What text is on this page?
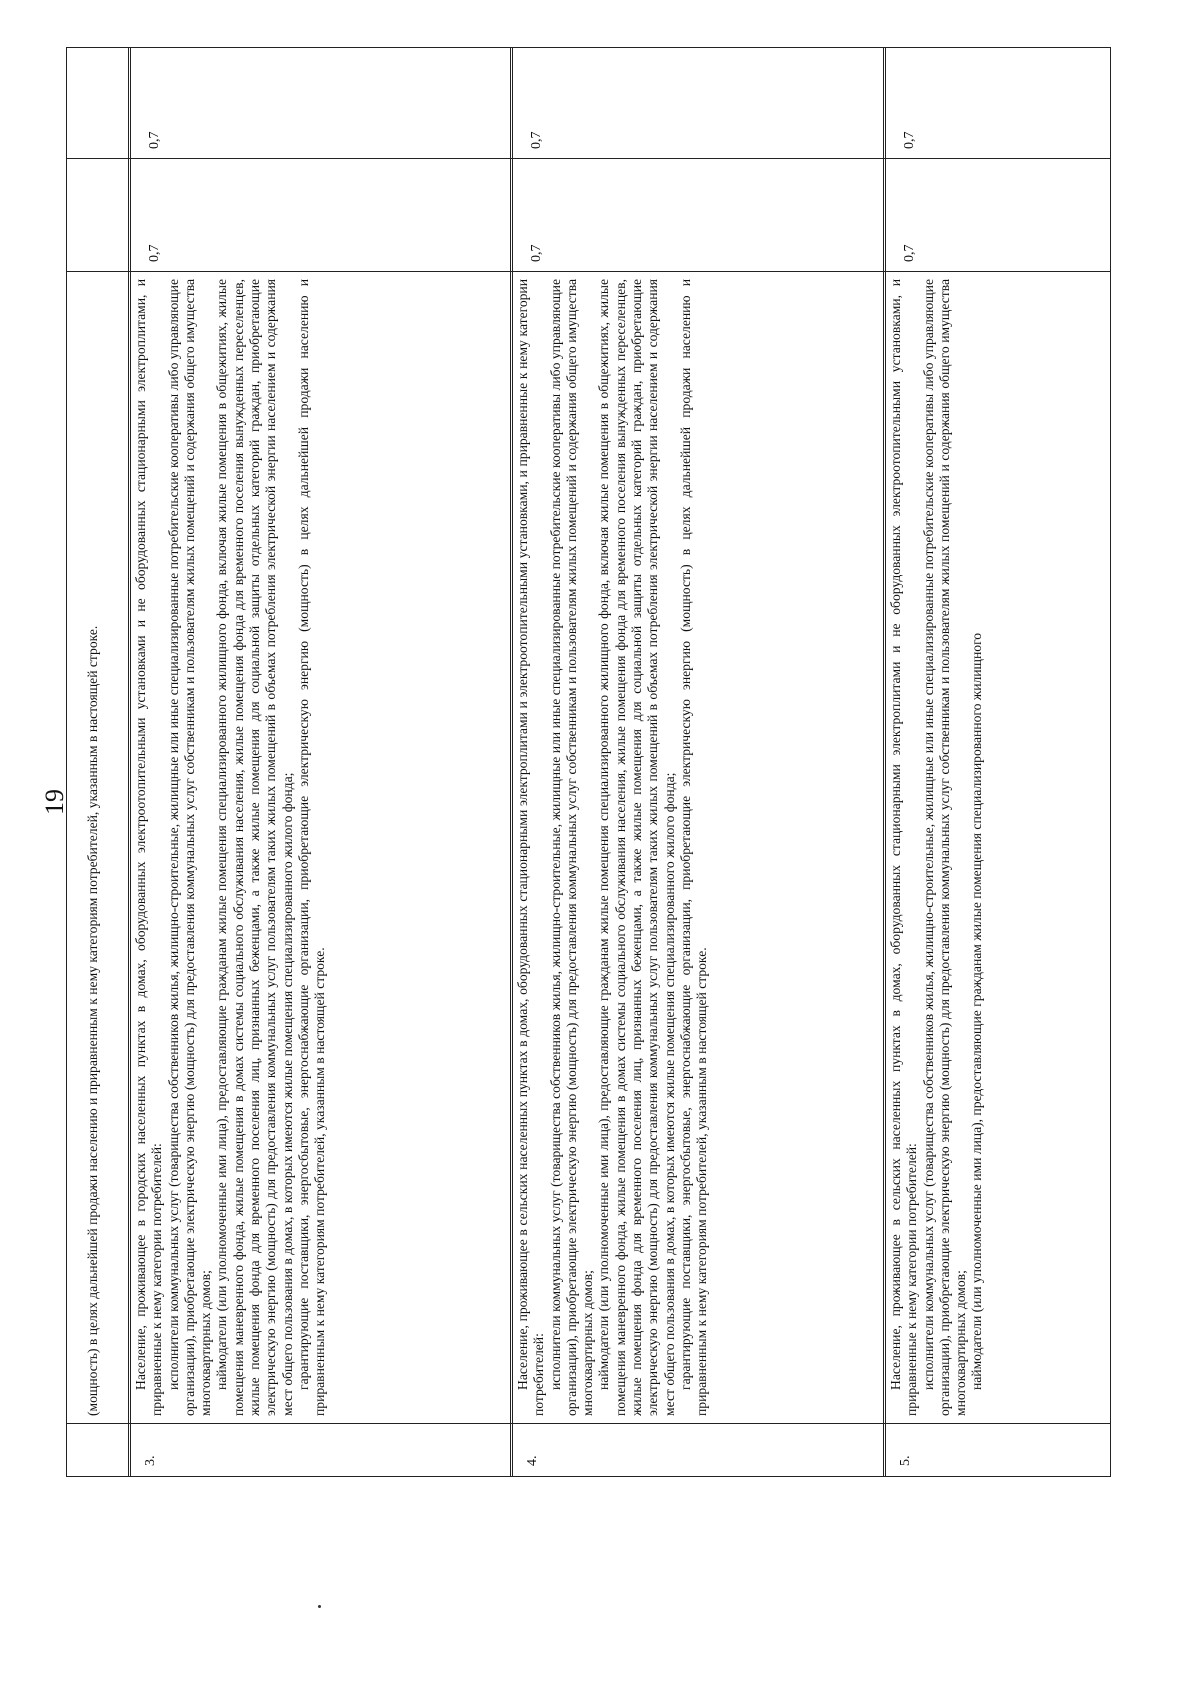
19 (мощность) в целях дальнейшей продажи населению и приравненным к нему категориям потребителей, указанным в настоящей строке.

3.

Население, проживающее в городских населенных пунктах в домах, оборудованных электроотопительными установками и не оборудованных стационарными электроплитами, и приравненные к нему категории потребителей: исполнители коммунальных услуг (товарищества собственников жилья, жилищно-строительные, жилищные или иные специализированные потребительские кооперативы либо управляющие организации), приобретающие электрическую энергию (мощность) для предоставления коммунальных услуг собственникам и пользователям жилых помещений и содержания общего имущества многоквартирных домов; наймодатели (или уполномоченные ими лица), предоставляющие гражданам жилые помещения специализированного жилищного фонда, включая жилые помещения в общежитиях, жилые помещения маневренного фонда, жилые помещения в домах системы социального обслуживания населения, жилые помещения фонда для временного поселения вынужденных переселенцев, жилые помещения фонда для временного поселения лиц, признанных беженцами, а также жилые помещения для социальной защиты отдельных категорий граждан, приобретающие электрическую энергию (мощность) для предоставления коммунальных услуг пользователям таких жилых помещений в объемах потребления электрической энергии населением и содержания мест общего пользования в домах, в которых имеются жилые помещения специализированного жилого фонда; гарантирующие поставщики, энергосбытовые, энергоснабжающие организации, приобретающие электрическую энергию (мощность) в целях дальнейшей продажи населению и приравненным к нему категориям потребителей, указанным в настоящей строке.

0,7
0,7
4.

Население, проживающее в сельских населенных пунктах в домах, оборудованных стационарными электроплитами и электроотопительными установками, и приравненные к нему категории потребителей: исполнители коммунальных услуг (товарищества собственников жилья, жилищно-строительные, жилищные или иные специализированные потребительские кооперативы либо управляющие организации), приобретающие электрическую энергию (мощность) для предоставления коммунальных услуг собственникам и пользователям жилых помещений и содержания общего имущества многоквартирных домов; наймодатели (или уполномоченные ими лица), предоставляющие гражданам жилые помещения специализированного жилищного фонда, включая жилые помещения в общежитиях, жилые помещения маневренного фонда, жилые помещения в домах системы социального обслуживания населения, жилые помещения фонда для временного поселения вынужденных переселенцев, жилые помещения фонда для временного поселения лиц, признанных беженцами, а также жилые помещения для социальной защиты отдельных категорий граждан, приобретающие электрическую энергию (мощность) для предоставления коммунальных услуг пользователям таких жилых помещений в объемах потребления электрической энергии населением и содержания мест общего пользования в домах, в которых имеются жилые помещения специализированного жилого фонда; гарантирующие поставщики, энергосбытовые, энергоснабжающие организации, приобретающие электрическую энергию (мощность) в целях дальнейшей продажи населению и приравненным к нему категориям потребителей, указанным в настоящей строке.

0,7
0,7
5.

Население, проживающее в сельских населенных пунктах в домах, оборудованных стационарными электроплитами и не оборудованных электроотопительными установками, и приравненные к нему категории потребителей: исполнители коммунальных услуг (товарищества собственников жилья, жилищно-строительные, жилищные или иные специализированные потребительские кооперативы либо управляющие организации), приобретающие электрическую энергию (мощность) для предоставления коммунальных услуг собственникам и пользователям жилых помещений и содержания общего имущества многоквартирных домов; наймодатели (или уполномоченные ими лица), предоставляющие гражданам жилые помещения специализированного жилищного

0,7
0,7
